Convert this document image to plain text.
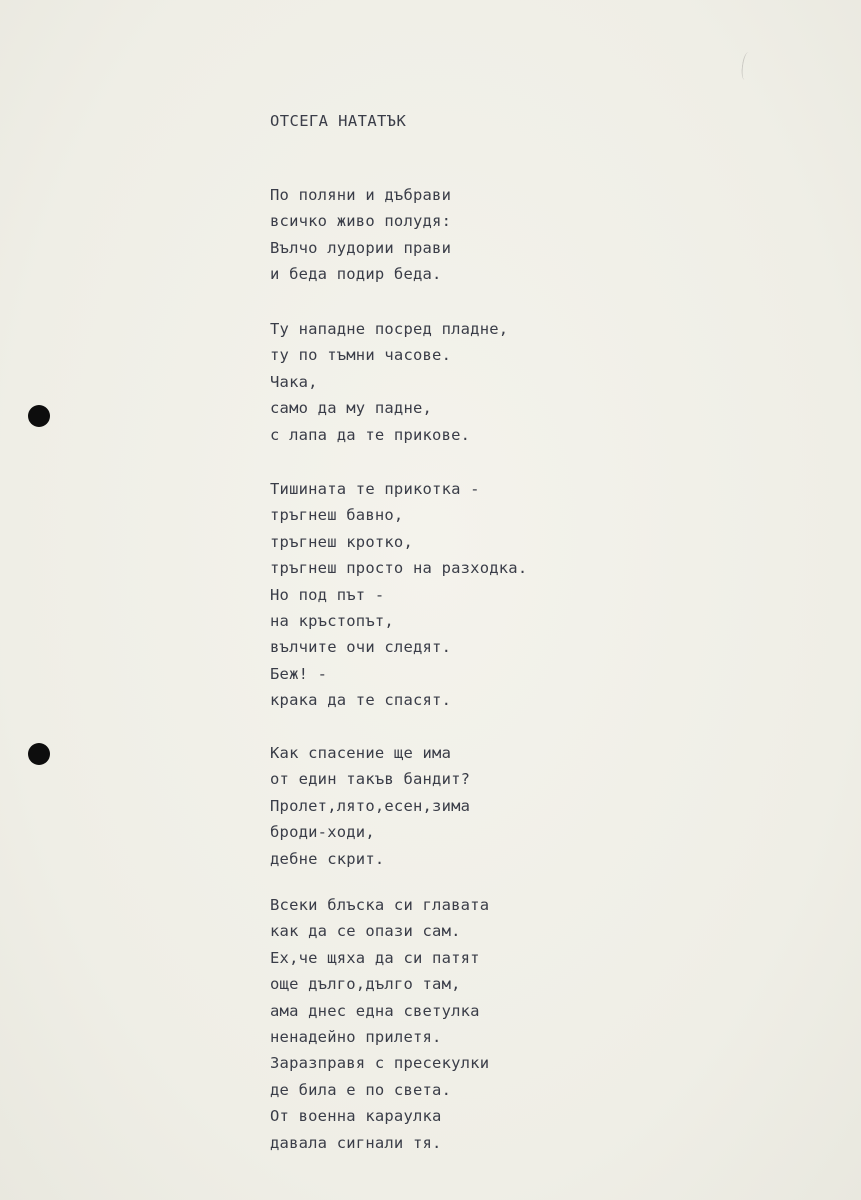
ОТСЕГА НАТАТЪК
По поляни и дъбрави
всичко живо полудя:
Вълчо лудории прави
и беда подир беда.
Ту нападне посред пладне,
ту по тъмни часове.
Чака,
само да му падне,
с лапа да те прикове.
Тишината те прикотка -
тръгнеш бавно,
тръгнеш кротко,
тръгнеш просто на разходка.
Но под път -
на кръстопът,
вълчите очи следят.
Беж! -
крака да те спасят.
Как спасение ще има
от един такъв бандит?
Пролет,лято,есен,зима
броди-ходи,
дебне скрит.
Всеки блъска си главата
как да се опази сам.
Ех,че щяха да си патят
още дълго,дълго там,
ама днес една светулка
ненадейно прилетя.
Заразправя с пресекулки
де била е по света.
От военна караулка
давала сигнали тя.
